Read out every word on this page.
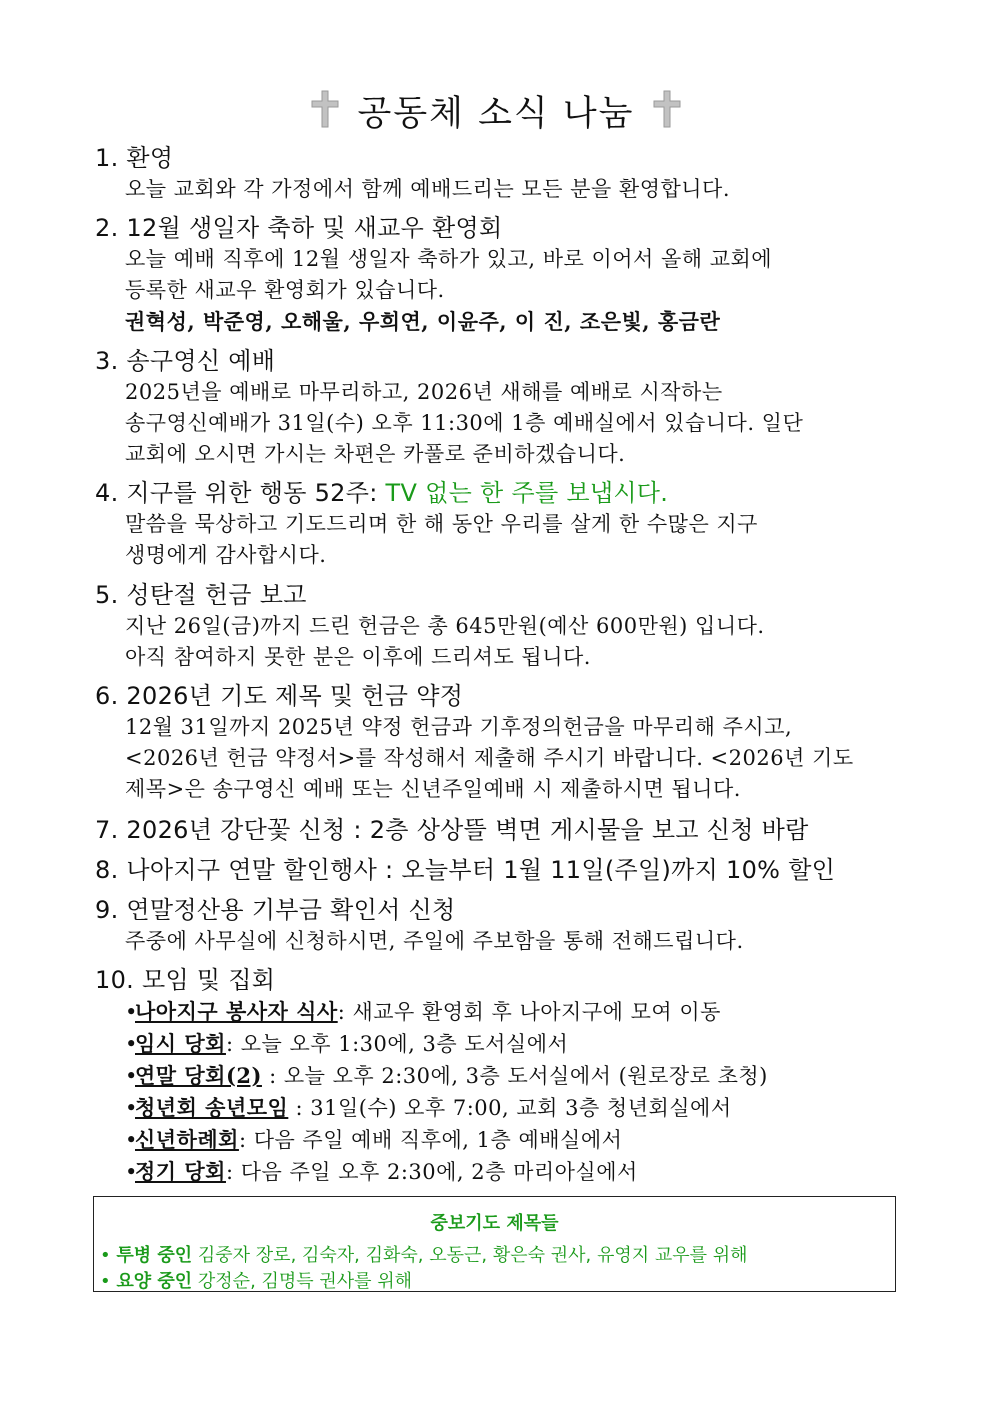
공동체 소식 나눔
1. 환영
오늘 교회와 각 가정에서 함께 예배드리는 모든 분을 환영합니다.
2. 12월 생일자 축하 및 새교우 환영회
오늘 예배 직후에 12월 생일자 축하가 있고, 바로 이어서 올해 교회에
등록한 새교우 환영회가 있습니다.
권혁성, 박준영, 오해울, 우희연, 이윤주, 이 진, 조은빛, 홍금란
3. 송구영신 예배
2025년을 예배로 마무리하고, 2026년 새해를 예배로 시작하는
송구영신예배가 31일(수) 오후 11:30에 1층 예배실에서 있습니다. 일단
교회에 오시면 가시는 차편은 카풀로 준비하겠습니다.
4. 지구를 위한 행동 52주: TV 없는 한 주를 보냅시다.
말씀을 묵상하고 기도드리며 한 해 동안 우리를 살게 한 수많은 지구
생명에게 감사합시다.
5. 성탄절 헌금 보고
지난 26일(금)까지 드린 헌금은 총 645만원(예산 600만원) 입니다.
아직 참여하지 못한 분은 이후에 드리셔도 됩니다.
6. 2026년 기도 제목 및 헌금 약정
12월 31일까지 2025년 약정 헌금과 기후정의헌금을 마무리해 주시고,
<2026년 헌금 약정서>를 작성해서 제출해 주시기 바랍니다. <2026년 기도
제목>은 송구영신 예배 또는 신년주일예배 시 제출하시면 됩니다.
7. 2026년 강단꽃 신청 : 2층 상상뜰 벽면 게시물을 보고 신청 바람
8. 나아지구 연말 할인행사 : 오늘부터 1월 11일(주일)까지 10% 할인
9. 연말정산용 기부금 확인서 신청
주중에 사무실에 신청하시면, 주일에 주보함을 통해 전해드립니다.
10. 모임 및 집회
•나아지구 봉사자 식사: 새교우 환영회 후 나아지구에 모여 이동
•임시 당회: 오늘 오후 1:30에, 3층 도서실에서
•연말 당회(2) : 오늘 오후 2:30에, 3층 도서실에서 (원로장로 초청)
•청년회 송년모임 : 31일(수) 오후 7:00, 교회 3층 청년회실에서
•신년하례회: 다음 주일 예배 직후에, 1층 예배실에서
•정기 당회: 다음 주일 오후 2:30에, 2층 마리아실에서
중보기도 제목들
• 투병 중인 김중자 장로, 김숙자, 김화숙, 오동근, 황은숙 권사, 유영지 교우를 위해
• 요양 중인 강정순, 김명득 권사를 위해
